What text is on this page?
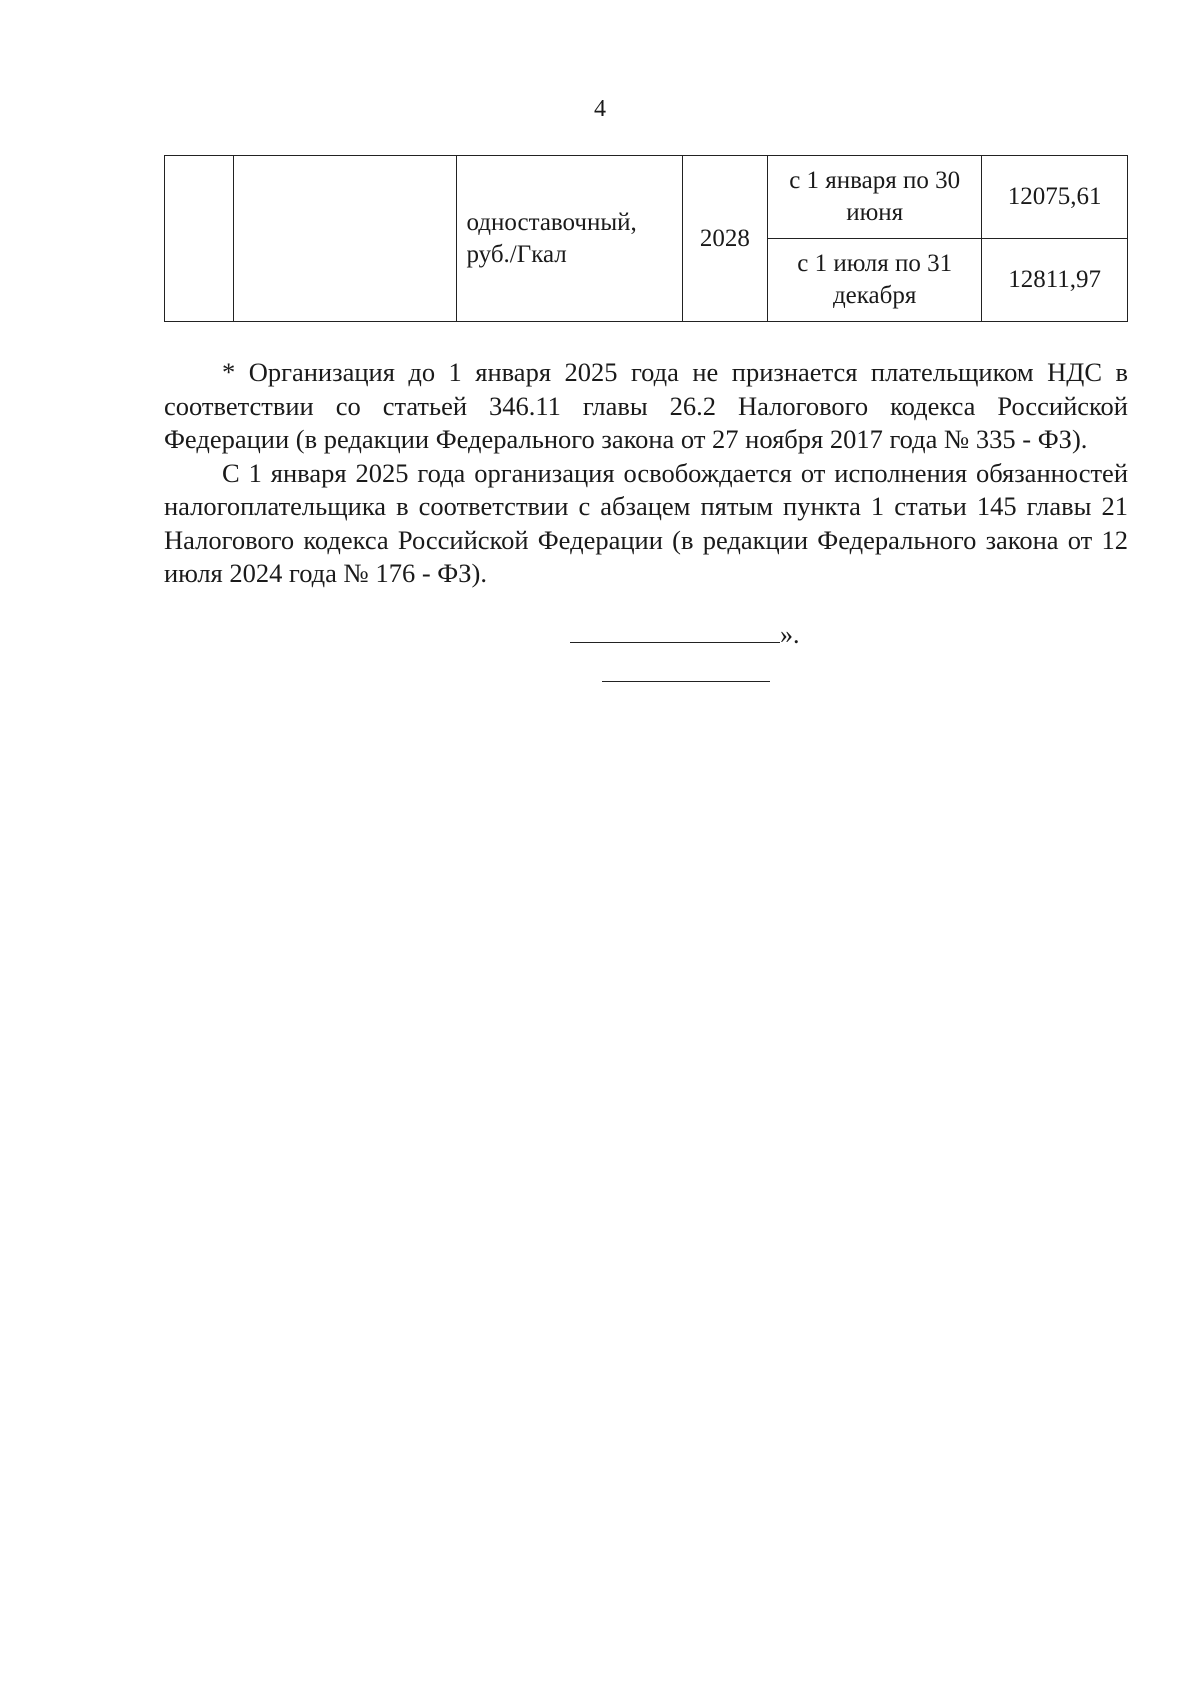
4
		одноставочный, руб./Гкал	2028	с 1 января по 30 июня	12075,61
				с 1 июля по 31 декабря	12811,97

* Организация до 1 января 2025 года не признается плательщиком НДС в соответствии со статьей 346.11 главы 26.2 Налогового кодекса Российской Федерации (в редакции Федерального закона от 27 ноября 2017 года № 335 - ФЗ).

С 1 января 2025 года организация освобождается от исполнения обязанностей налогоплательщика в соответствии с абзацем пятым пункта 1 статьи 145 главы 21 Налогового кодекса Российской Федерации (в редакции Федерального закона от 12 июля 2024 года № 176 - ФЗ).

».
